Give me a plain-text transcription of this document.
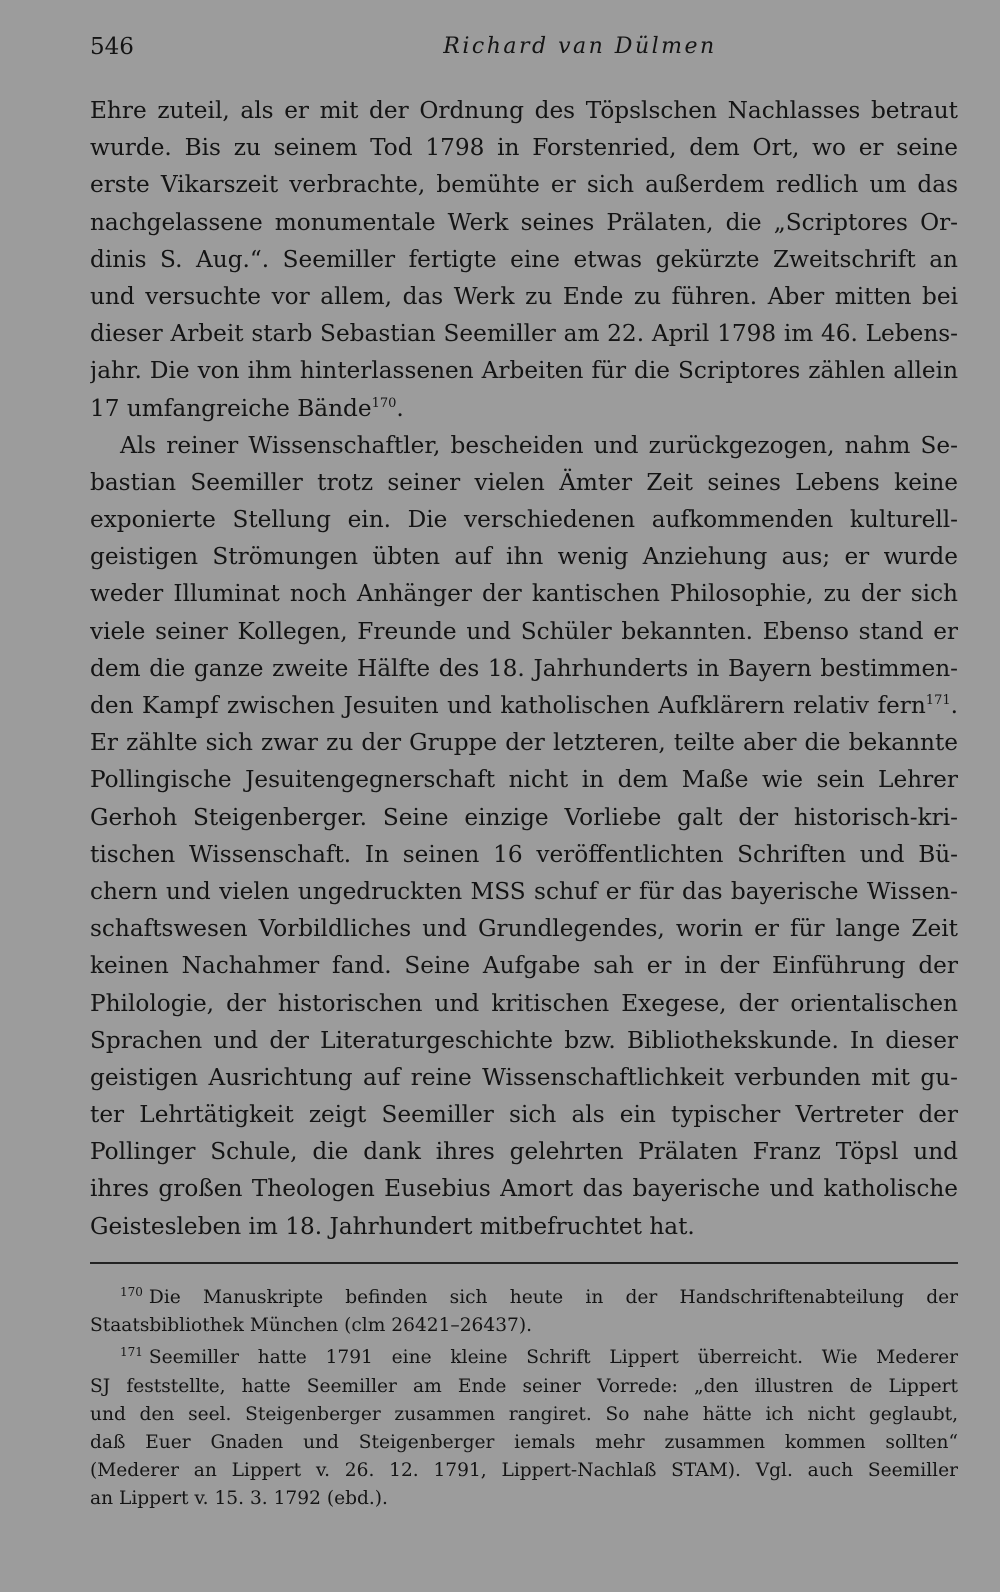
546	Richard van Dülmen
Ehre zuteil, als er mit der Ordnung des Töpslschen Nachlasses betraut
wurde. Bis zu seinem Tod 1798 in Forstenried, dem Ort, wo er seine
erste Vikarszeit verbrachte, bemühte er sich außerdem redlich um das
nachgelassene monumentale Werk seines Prälaten, die „Scriptores Or-
dinis S. Aug.“. Seemiller fertigte eine etwas gekürzte Zweitschrift an
und versuchte vor allem, das Werk zu Ende zu führen. Aber mitten bei
dieser Arbeit starb Sebastian Seemiller am 22. April 1798 im 46. Lebens-
jahr. Die von ihm hinterlassenen Arbeiten für die Scriptores zählen allein
17 umfangreiche Bände$^{170}$.
Als reiner Wissenschaftler, bescheiden und zurückgezogen, nahm Se-
bastian Seemiller trotz seiner vielen Ämter Zeit seines Lebens keine
exponierte Stellung ein. Die verschiedenen aufkommenden kulturell-
geistigen Strömungen übten auf ihn wenig Anziehung aus; er wurde
weder Illuminat noch Anhänger der kantischen Philosophie, zu der sich
viele seiner Kollegen, Freunde und Schüler bekannten. Ebenso stand er
dem die ganze zweite Hälfte des 18. Jahrhunderts in Bayern bestimmen-
den Kampf zwischen Jesuiten und katholischen Aufklärern relativ fern$^{171}$.
Er zählte sich zwar zu der Gruppe der letzteren, teilte aber die bekannte
Pollingische Jesuitengegnerschaft nicht in dem Maße wie sein Lehrer
Gerhoh Steigenberger. Seine einzige Vorliebe galt der historisch-kri-
tischen Wissenschaft. In seinen 16 veröffentlichten Schriften und Bü-
chern und vielen ungedruckten MSS schuf er für das bayerische Wissen-
schaftswesen Vorbildliches und Grundlegendes, worin er für lange Zeit
keinen Nachahmer fand. Seine Aufgabe sah er in der Einführung der
Philologie, der historischen und kritischen Exegese, der orientalischen
Sprachen und der Literaturgeschichte bzw. Bibliothekskunde. In dieser
geistigen Ausrichtung auf reine Wissenschaftlichkeit verbunden mit gu-
ter Lehrtätigkeit zeigt Seemiller sich als ein typischer Vertreter der
Pollinger Schule, die dank ihres gelehrten Prälaten Franz Töpsl und
ihres großen Theologen Eusebius Amort das bayerische und katholische
Geistesleben im 18. Jahrhundert mitbefruchtet hat.
$^{170}$ Die Manuskripte befinden sich heute in der Handschriftenabteilung der
Staatsbibliothek München (clm 26421–26437).
$^{171}$ Seemiller hatte 1791 eine kleine Schrift Lippert überreicht. Wie Mederer
SJ feststellte, hatte Seemiller am Ende seiner Vorrede: „den illustren de Lippert
und den seel. Steigenberger zusammen rangiret. So nahe hätte ich nicht geglaubt,
daß Euer Gnaden und Steigenberger iemals mehr zusammen kommen sollten“
(Mederer an Lippert v. 26. 12. 1791, Lippert-Nachlaß STAM). Vgl. auch Seemiller
an Lippert v. 15. 3. 1792 (ebd.).
